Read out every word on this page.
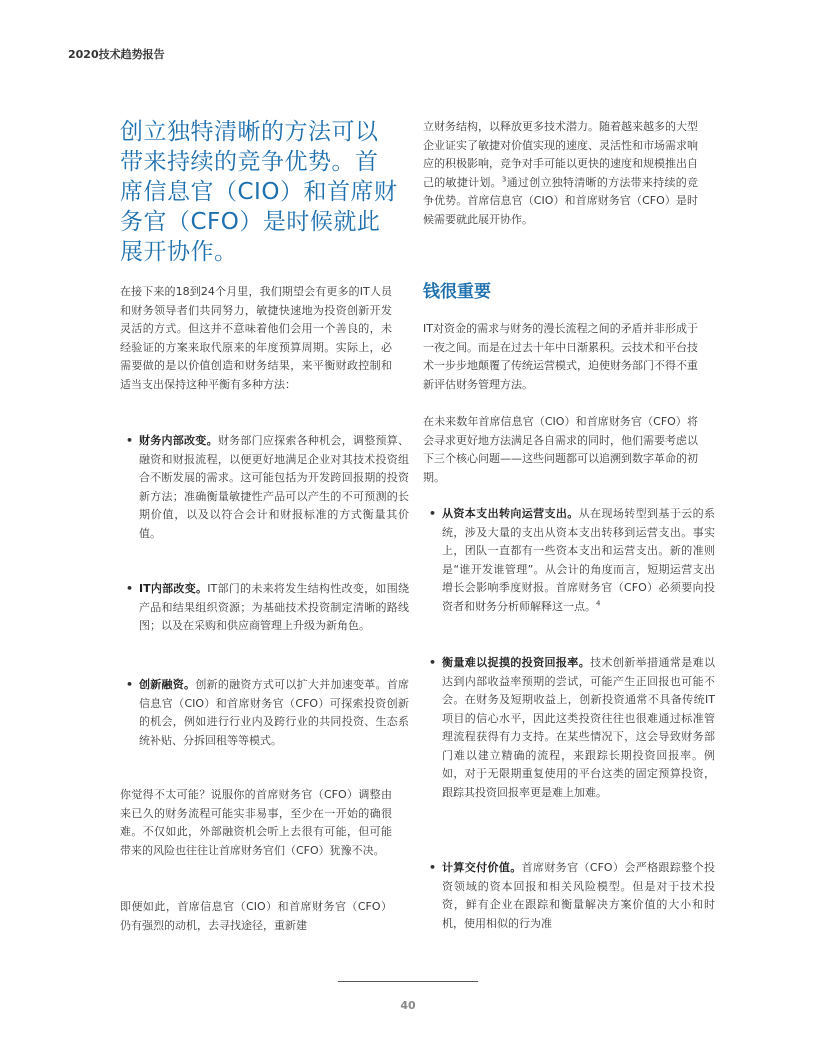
2020技术趋势报告
创立独特清晰的方法可以带来持续的竞争优势。首席信息官（CIO）和首席财务官（CFO）是时候就此展开协作。

在接下来的18到24个月里，我们期望会有更多的IT人员和财务领导者们共同努力，敏捷快速地为投资创新开发灵活的方式。但这并不意味着他们会用一个善良的，未经验证的方案来取代原来的年度预算周期。实际上，必需要做的是以价值创造和财务结果，来平衡财政控制和适当支出保持这种平衡有多种方法：

• 财务内部改变。财务部门应探索各种机会，调整预算、融资和财报流程，以便更好地满足企业对其技术投资组合不断发展的需求。这可能包括为开发跨回报期的投资新方法；准确衡量敏捷性产品可以产生的不可预测的长期价值，以及以符合会计和财报标准的方式衡量其价值。
• IT内部改变。IT部门的未来将发生结构性改变，如围绕产品和结果组织资源；为基础技术投资制定清晰的路线图；以及在采购和供应商管理上升级为新角色。
• 创新融资。创新的融资方式可以扩大并加速变革。首席信息官（CIO）和首席财务官（CFO）可探索投资创新的机会，例如进行行业内及跨行业的共同投资、生态系统补贴、分拆回租等等模式。

你觉得不太可能？说服你的首席财务官（CFO）调整由来已久的财务流程可能实非易事，至少在一开始的确很难。不仅如此，外部融资机会听上去很有可能，但可能带来的风险也往往让首席财务官们（CFO）犹豫不决。

即便如此，首席信息官（CIO）和首席财务官（CFO）仍有强烈的动机，去寻找途径，重新建

立财务结构，以释放更多技术潜力。随着越来越多的大型企业证实了敏捷对价值实现的速度、灵活性和市场需求响应的积极影响，竞争对手可能以更快的速度和规模推出自己的敏捷计划。$^3$通过创立独特清晰的方法带来持续的竞争优势。首席信息官（CIO）和首席财务官（CFO）是时候需要就此展开协作。

钱很重要

IT对资金的需求与财务的漫长流程之间的矛盾并非形成于一夜之间。而是在过去十年中日渐累积。云技术和平台技术一步步地颠覆了传统运营模式，迫使财务部门不得不重新评估财务管理方法。

在未来数年首席信息官（CIO）和首席财务官（CFO）将会寻求更好地方法满足各自需求的同时，他们需要考虑以下三个核心问题——这些问题都可以追溯到数字革命的初期。

• 从资本支出转向运营支出。从在现场转型到基于云的系统，涉及大量的支出从资本支出转移到运营支出。事实上，团队一直都有一些资本支出和运营支出。新的准则是“谁开发谁管理”。从会计的角度而言，短期运营支出增长会影响季度财报。首席财务官（CFO）必须要向投资者和财务分析师解释这一点。$^4$
• 衡量难以捉摸的投资回报率。技术创新举措通常是难以达到内部收益率预期的尝试，可能产生正回报也可能不会。在财务及短期收益上，创新投资通常不具备传统IT项目的信心水平，因此这类投资往往也很难通过标准管理流程获得有力支持。在某些情况下，这会导致财务部门难以建立精确的流程，来跟踪长期投资回报率。例如，对于无限期重复使用的平台这类的固定预算投资，跟踪其投资回报率更是难上加难。
• 计算交付价值。首席财务官（CFO）会严格跟踪整个投资领域的资本回报和相关风险模型。但是对于技术投资，鲜有企业在跟踪和衡量解决方案价值的大小和时机，使用相似的行为准
40
